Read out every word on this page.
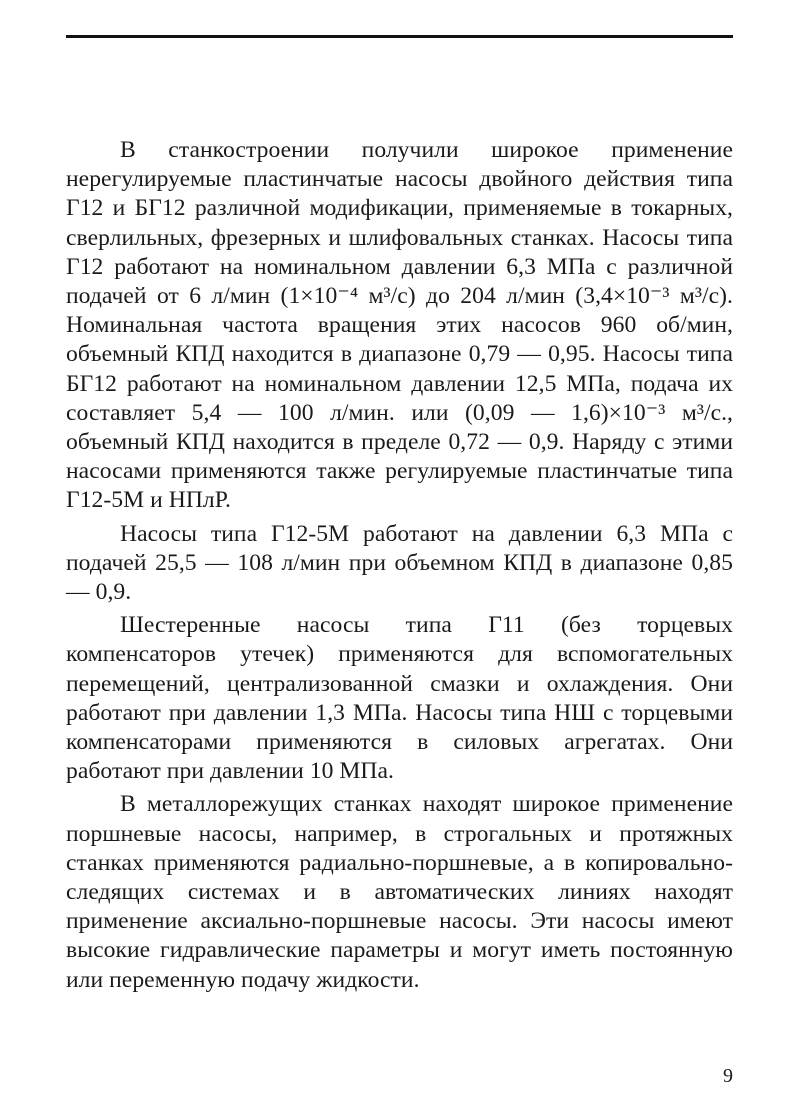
В станкостроении получили широкое применение нерегулируемые пластинчатые насосы двойного действия типа Г12 и БГ12 различной модификации, применяемые в токарных, сверлильных, фрезерных и шлифовальных станках. Насосы типа Г12 работают на номинальном давлении 6,3 МПа с различной подачей от 6 л/мин (1×10⁻⁴ м³/с) до 204 л/мин (3,4×10⁻³ м³/с). Номинальная частота вращения этих насосов 960 об/мин, объемный КПД находится в диапазоне 0,79 — 0,95. Насосы типа БГ12 работают на номинальном давлении 12,5 МПа, подача их составляет 5,4 — 100 л/мин. или (0,09 — 1,6)×10⁻³ м³/с., объемный КПД находится в пределе 0,72 — 0,9. Наряду с этими насосами применяются также регулируемые пластинчатые типа Г12-5М и НПлР.

Насосы типа Г12-5М работают на давлении 6,3 МПа с подачей 25,5 — 108 л/мин при объемном КПД в диапазоне 0,85 — 0,9.

Шестеренные насосы типа Г11 (без торцевых компенсаторов утечек) применяются для вспомогательных перемещений, централизованной смазки и охлаждения. Они работают при давлении 1,3 МПа. Насосы типа НШ с торцевыми компенсаторами применяются в силовых агрегатах. Они работают при давлении 10 МПа.

В металлорежущих станках находят широкое применение поршневые насосы, например, в строгальных и протяжных станках применяются радиально-поршневые, а в копировально-следящих системах и в автоматических линиях находят применение аксиально-поршневые насосы. Эти насосы имеют высокие гидравлические параметры и могут иметь постоянную или переменную подачу жидкости.

9
